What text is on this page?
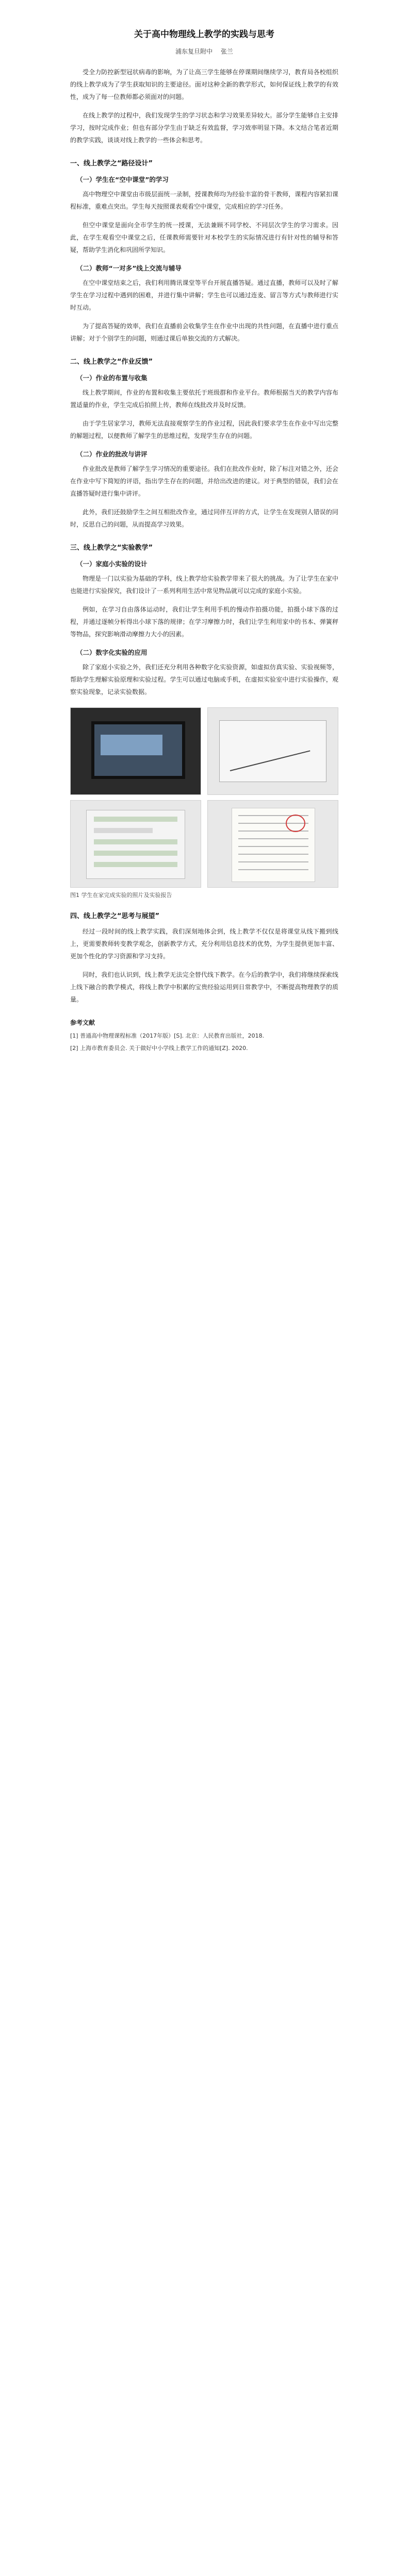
关于高中物理线上教学的实践与思考
浦东复旦附中 张兰

受全力防控新型冠状病毒的影响，为了让高三学生能够在停课期间继续学习，教育局各校组织的线上教学成为了学生获取知识的主要途径。面对这种全新的教学形式，如何保证线上教学的有效性，成为了每一位教师都必须面对的问题。

在线上教学的过程中，我们发现学生的学习状态和学习效果差异较大。部分学生能够自主安排学习，按时完成作业；但也有部分学生由于缺乏有效监督，学习效率明显下降。本文结合笔者近期的教学实践，谈谈对线上教学的一些体会和思考。

一、线上教学之“路径设计”
（一）学生在“空中课堂”的学习

高中物理空中课堂由市级层面统一录制，授课教师均为经验丰富的骨干教师，课程内容紧扣课程标准，重难点突出。学生每天按照课表观看空中课堂，完成相应的学习任务。

但空中课堂是面向全市学生的统一授课，无法兼顾不同学校、不同层次学生的学习需求。因此，在学生观看空中课堂之后，任课教师需要针对本校学生的实际情况进行有针对性的辅导和答疑，帮助学生消化和巩固所学知识。

（二）教师“一对多”线上交流与辅导

在空中课堂结束之后，我们利用腾讯课堂等平台开展直播答疑。通过直播，教师可以及时了解学生在学习过程中遇到的困难，并进行集中讲解；学生也可以通过连麦、留言等方式与教师进行实时互动。

为了提高答疑的效率，我们在直播前会收集学生在作业中出现的共性问题，在直播中进行重点讲解；对于个别学生的问题，则通过课后单独交流的方式解决。

二、线上教学之“作业反馈”
（一）作业的布置与收集

线上教学期间，作业的布置和收集主要依托于班级群和作业平台。教师根据当天的教学内容布置适量的作业，学生完成后拍照上传，教师在线批改并及时反馈。

由于学生居家学习，教师无法直接观察学生的作业过程，因此我们要求学生在作业中写出完整的解题过程，以便教师了解学生的思维过程，发现学生存在的问题。

（二）作业的批改与讲评

作业批改是教师了解学生学习情况的重要途径。我们在批改作业时，除了标注对错之外，还会在作业中写下简短的评语，指出学生存在的问题，并给出改进的建议。对于典型的错误，我们会在直播答疑时进行集中讲评。

此外，我们还鼓励学生之间互相批改作业，通过同伴互评的方式，让学生在发现别人错误的同时，反思自己的问题，从而提高学习效果。

三、线上教学之“实验教学”
（一）家庭小实验的设计

物理是一门以实验为基础的学科，线上教学给实验教学带来了很大的挑战。为了让学生在家中也能进行实验探究，我们设计了一系列利用生活中常见物品就可以完成的家庭小实验。

例如，在学习自由落体运动时，我们让学生利用手机的慢动作拍摄功能，拍摄小球下落的过程，并通过逐帧分析得出小球下落的规律；在学习摩擦力时，我们让学生利用家中的书本、弹簧秤等物品，探究影响滑动摩擦力大小的因素。

（二）数字化实验的应用

除了家庭小实验之外，我们还充分利用各种数字化实验资源，如虚拟仿真实验、实验视频等，帮助学生理解实验原理和实验过程。学生可以通过电脑或手机，在虚拟实验室中进行实验操作，观察实验现象，记录实验数据。

图1 学生在家完成实验的照片及实验报告
四、线上教学之“思考与展望”

经过一段时间的线上教学实践，我们深刻地体会到，线上教学不仅仅是将课堂从线下搬到线上，更需要教师转变教学观念，创新教学方式，充分利用信息技术的优势，为学生提供更加丰富、更加个性化的学习资源和学习支持。

同时，我们也认识到，线上教学无法完全替代线下教学。在今后的教学中，我们将继续探索线上线下融合的教学模式，将线上教学中积累的宝贵经验运用到日常教学中，不断提高物理教学的质量。

参考文献
[1] 普通高中物理课程标准（2017年版）[S]. 北京：人民教育出版社，2018.
[2] 上海市教育委员会. 关于做好中小学线上教学工作的通知[Z]. 2020.
